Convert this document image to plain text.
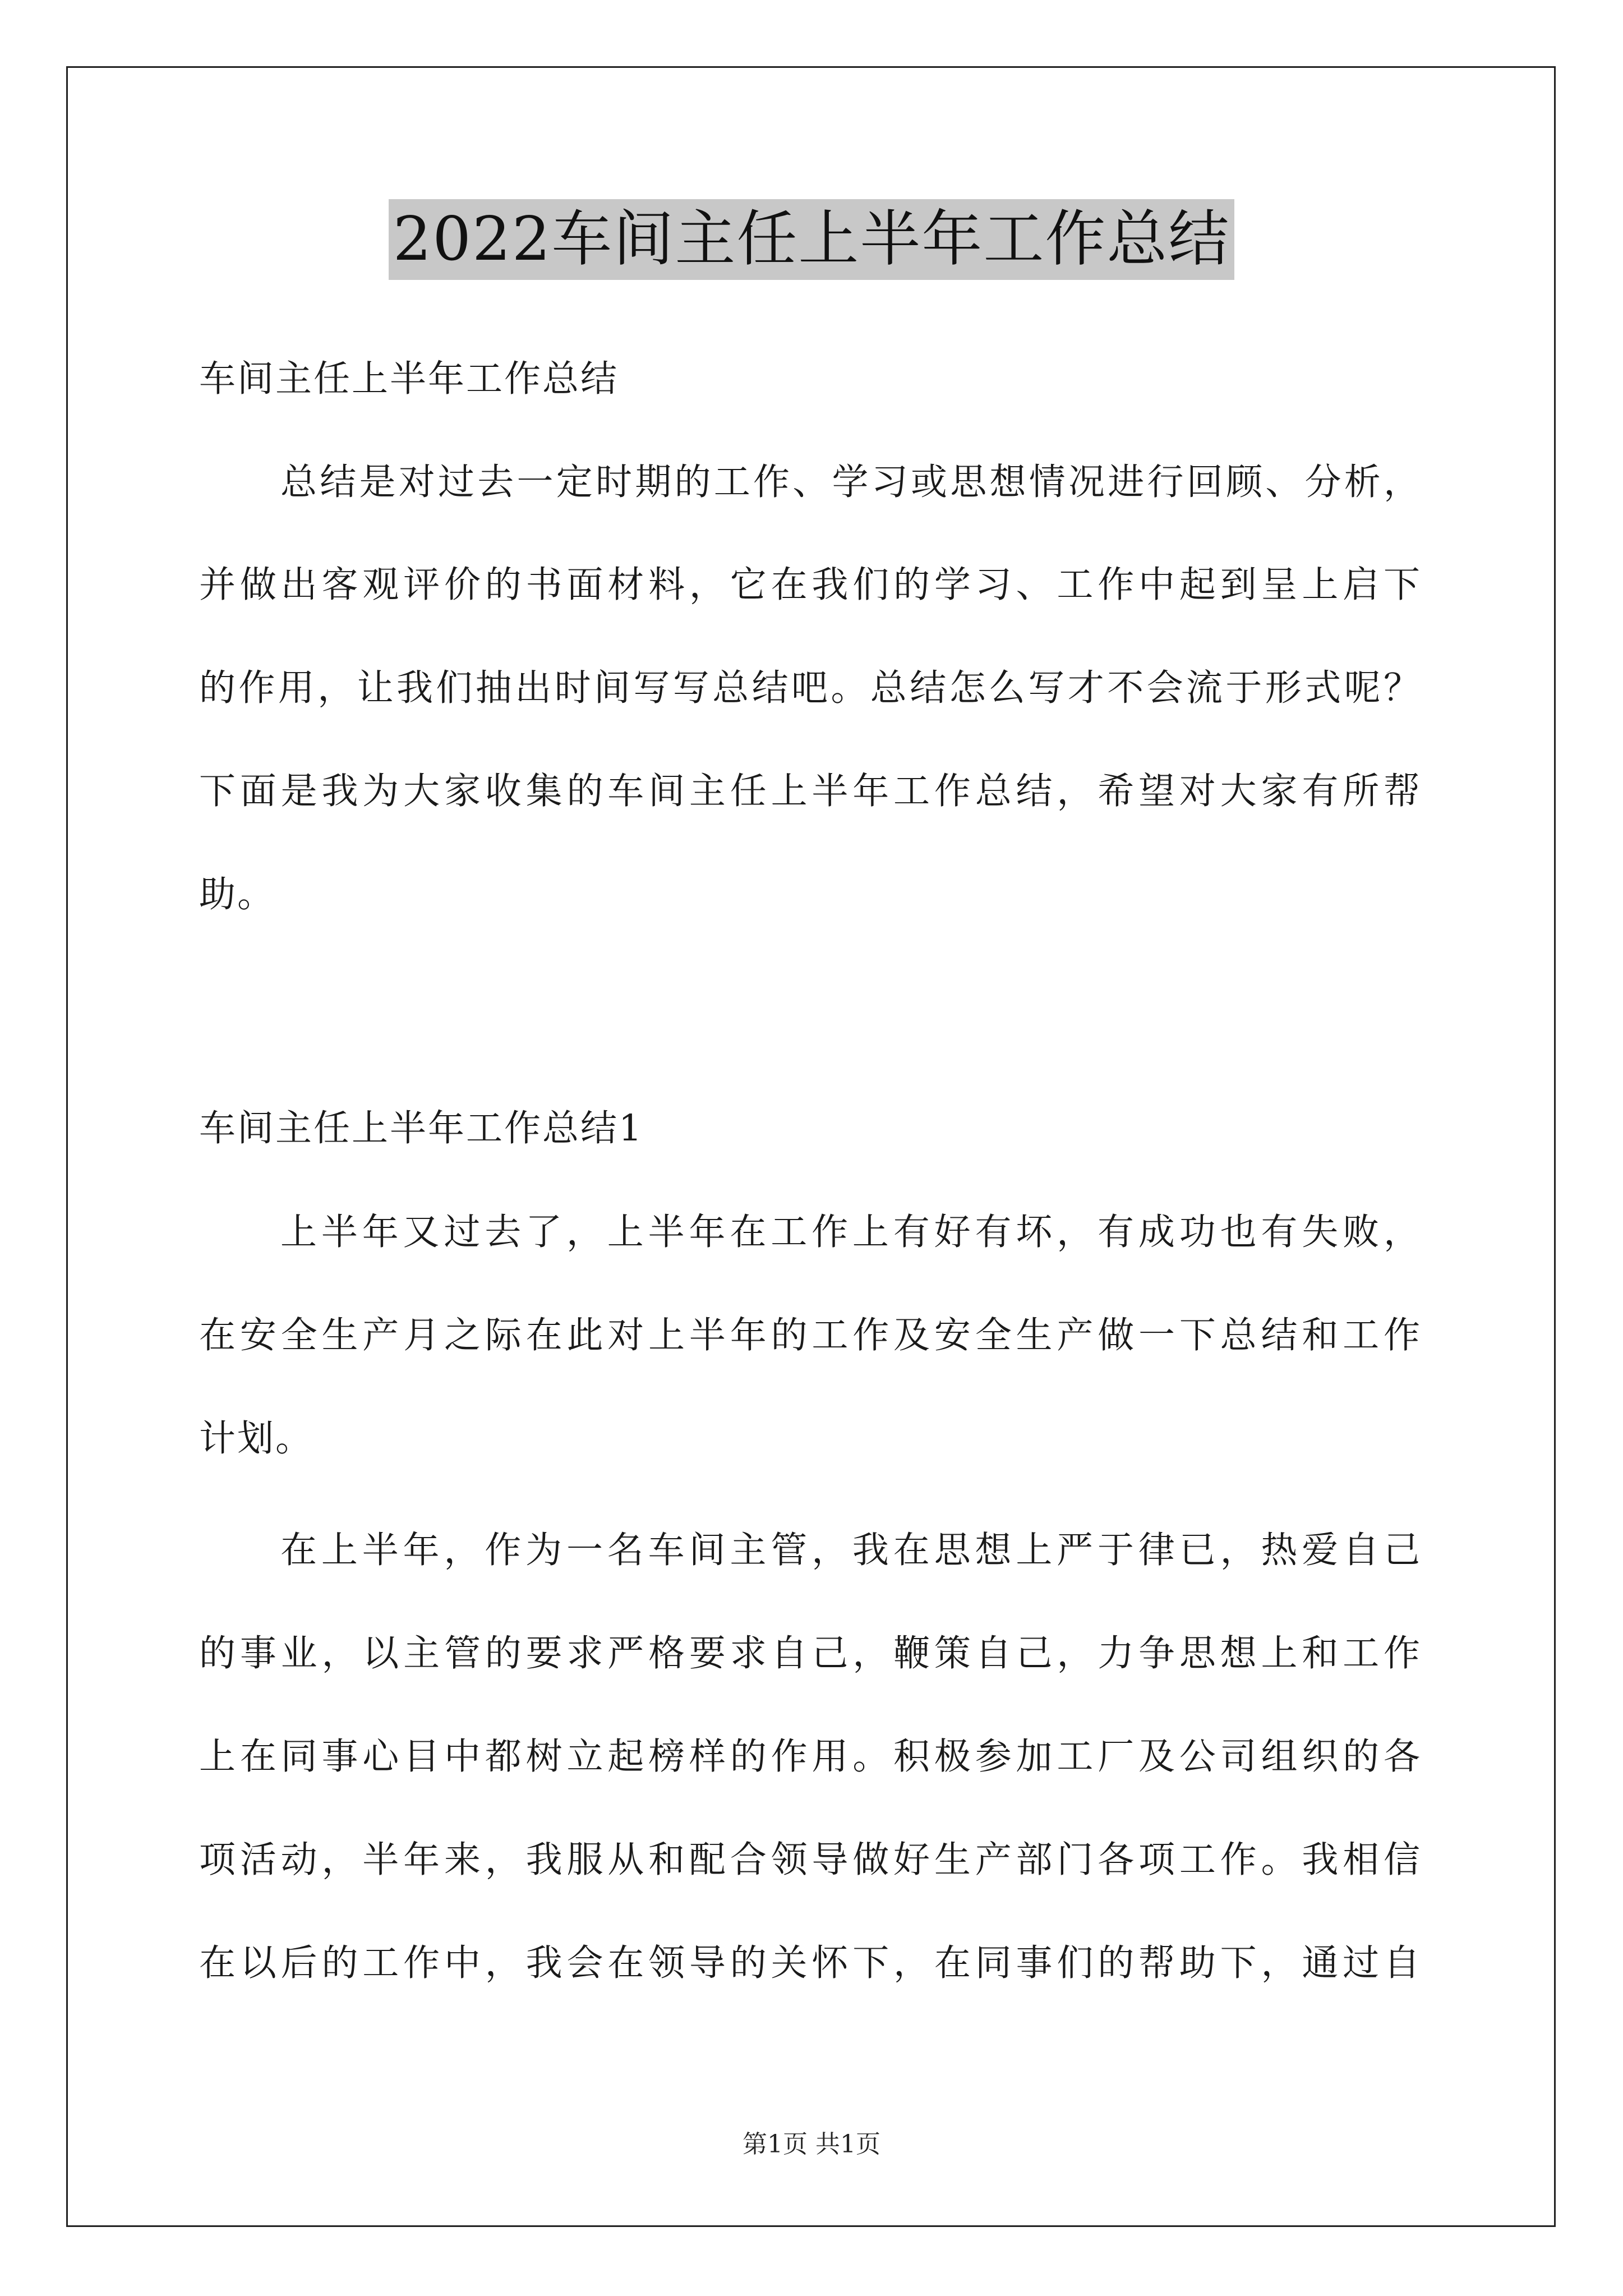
2022车间主任上半年工作总结
车间主任上半年工作总结
总结是对过去一定时期的工作、学习或思想情况进行回顾、分析，
并做出客观评价的书面材料，它在我们的学习、工作中起到呈上启下
的作用，让我们抽出时间写写总结吧。总结怎么写才不会流于形式呢？
下面是我为大家收集的车间主任上半年工作总结，希望对大家有所帮
助。
车间主任上半年工作总结1
上半年又过去了，上半年在工作上有好有坏，有成功也有失败，
在安全生产月之际在此对上半年的工作及安全生产做一下总结和工作
计划。
在上半年，作为一名车间主管，我在思想上严于律已，热爱自己
的事业，以主管的要求严格要求自己，鞭策自己，力争思想上和工作
上在同事心目中都树立起榜样的作用。积极参加工厂及公司组织的各
项活动，半年来，我服从和配合领导做好生产部门各项工作。我相信
在以后的工作中，我会在领导的关怀下，在同事们的帮助下，通过自
第1页 共1页
